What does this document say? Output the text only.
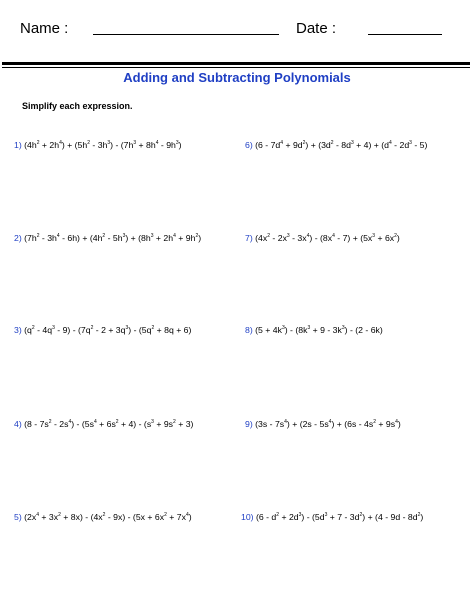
Name :	Date :
Adding and Subtracting Polynomials
Simplify each expression.
1) $(4h^2 + 2h^4) + (5h^2 - 3h^3) - (7h^3 + 8h^4 - 9h^3)$
2) $(7h^2 - 3h^4 - 6h) + (4h^2 - 5h^3) + (8h^3 + 2h^4 + 9h^2)$
3) $(q^2 - 4q^3 - 9) - (7q^2 - 2 + 3q^3) - (5q^2 + 8q + 6)$
4) $(8 - 7s^2 - 2s^4) - (5s^4 + 6s^2 + 4) - (s^3 + 9s^2 + 3)$
5) $(2x^4 + 3x^2 + 8x) - (4x^2 - 9x) - (5x + 6x^2 + 7x^4)$
6) $(6 - 7d^4 + 9d^2) + (3d^2 - 8d^3 + 4) + (d^4 - 2d^3 - 5)$
7) $(4x^2 - 2x^3 - 3x^4) - (8x^4 - 7) + (5x^3 + 6x^2)$
8) $(5 + 4k^3) - (8k^3 + 9 - 3k^3) - (2 - 6k)$
9) $(3s - 7s^4) + (2s - 5s^4) + (6s - 4s^2 + 9s^4)$
10) $(6 - d^2 + 2d^3) - (5d^3 + 7 - 3d^2) + (4 - 9d - 8d^2)$
